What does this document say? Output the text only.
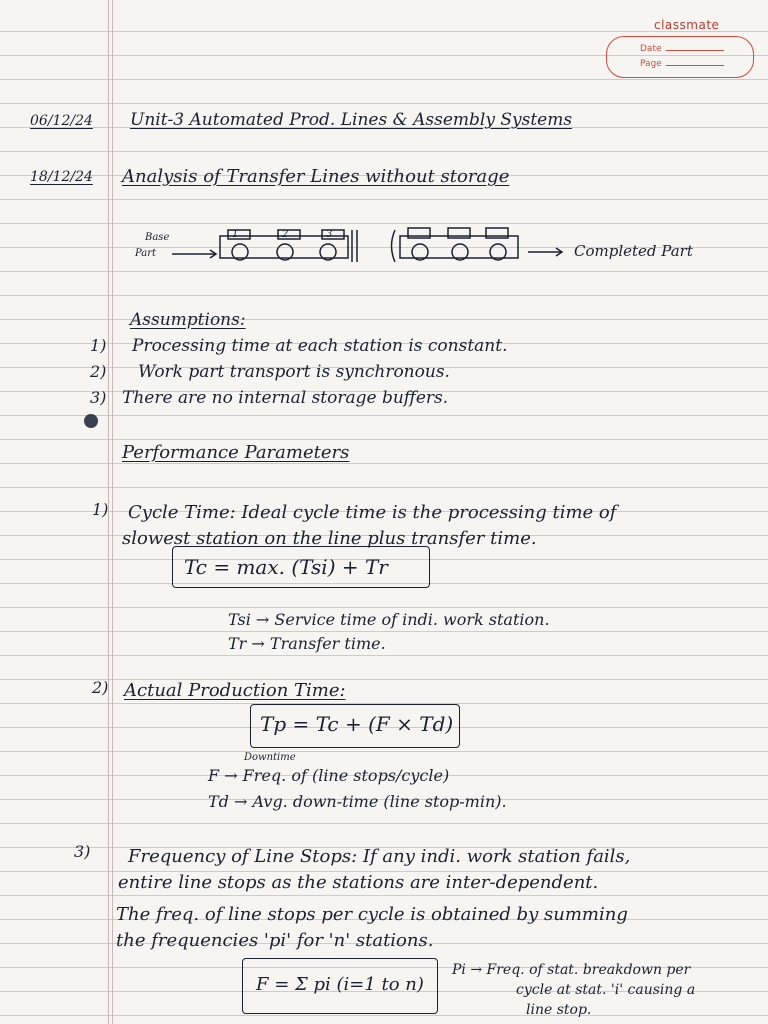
classmate
Date
Page
06/12/24 Unit-3 Automated Prod. Lines & Assembly Systems
18/12/24 Analysis of Transfer Lines without storage
Base
Part
1	2	3
Completed Part
Assumptions:
1) Processing time at each station is constant.
2) Work part transport is synchronous.
3) There are no internal storage buffers.
Performance Parameters
1) Cycle Time: Ideal cycle time is the processing time of
slowest station on the line plus transfer time.
Tc = max. (Tsi) + Tr
Tsi → Service time of indi. work station.
Tr → Transfer time.
2) Actual Production Time:
Tp = Tc + (F × Td)
Downtime
F → Freq. of (line stops/cycle)
Td → Avg. down-time (line stop-min).
3) Frequency of Line Stops: If any indi. work station fails,
entire line stops as the stations are inter-dependent.
The freq. of line stops per cycle is obtained by summing
the frequencies 'pi' for 'n' stations.
F = Σ pi (i=1 to n)
Pi → Freq. of stat. breakdown per
cycle at stat. 'i' causing a
line stop.
